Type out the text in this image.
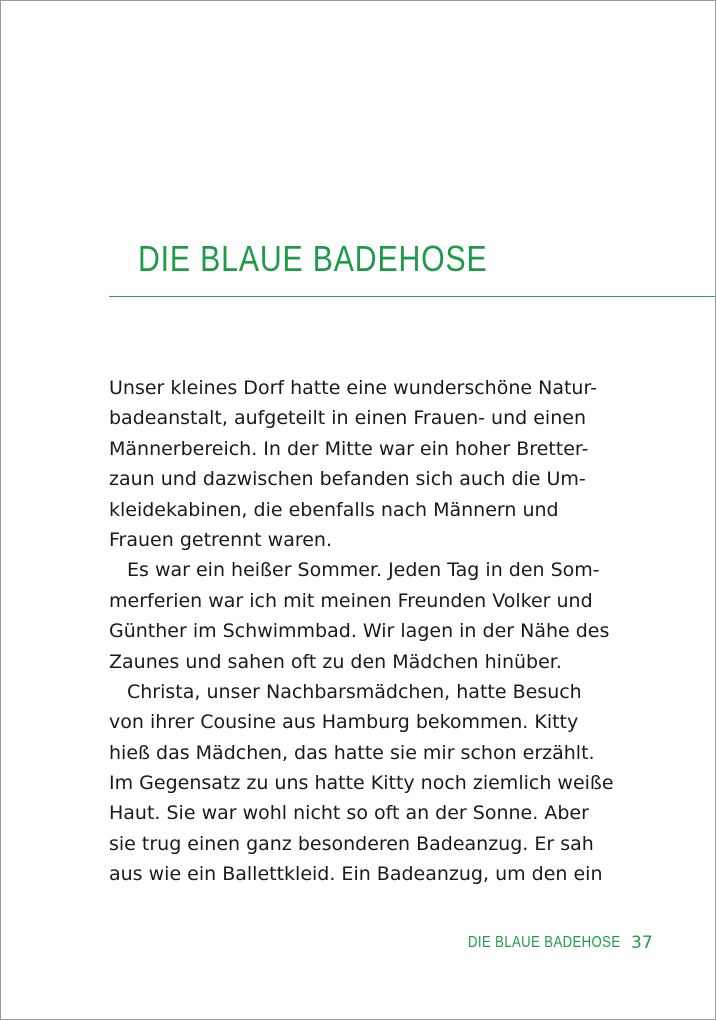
DIE BLAUE BADEHOSE
Unser kleines Dorf hatte eine wunderschöne Natur-
badeanstalt, aufgeteilt in einen Frauen- und einen
Männerbereich. In der Mitte war ein hoher Bretter-
zaun und dazwischen befanden sich auch die Um-
kleidekabinen, die ebenfalls nach Männern und
Frauen getrennt waren.
Es war ein heißer Sommer. Jeden Tag in den Som-
merferien war ich mit meinen Freunden Volker und
Günther im Schwimmbad. Wir lagen in der Nähe des
Zaunes und sahen oft zu den Mädchen hinüber.
Christa, unser Nachbarsmädchen, hatte Besuch
von ihrer Cousine aus Hamburg bekommen. Kitty
hieß das Mädchen, das hatte sie mir schon erzählt.
Im Gegensatz zu uns hatte Kitty noch ziemlich weiße
Haut. Sie war wohl nicht so oft an der Sonne. Aber
sie trug einen ganz besonderen Badeanzug. Er sah
aus wie ein Ballettkleid. Ein Badeanzug, um den ein
DIE BLAUE BADEHOSE 37
